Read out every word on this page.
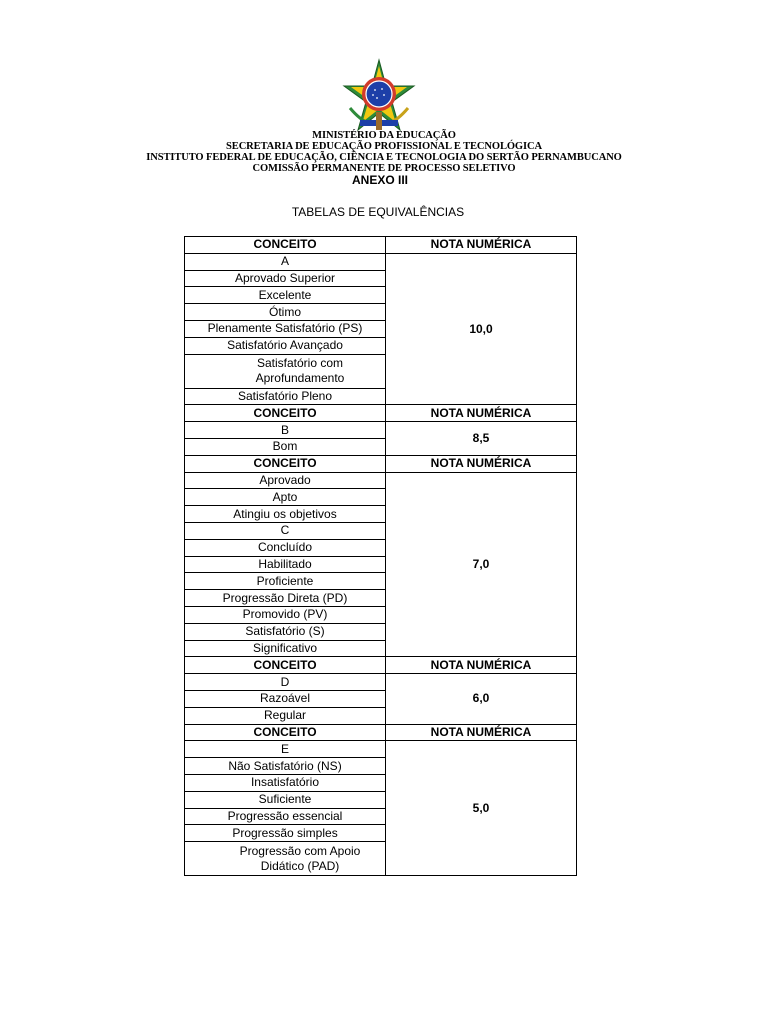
MINISTÉRIO DA EDUCAÇÃO
SECRETARIA DE EDUCAÇÃO PROFISSIONAL E TECNOLÓGICA
INSTITUTO FEDERAL DE EDUCAÇÃO, CIÊNCIA E TECNOLOGIA DO SERTÃO PERNAMBUCANO
COMISSÃO PERMANENTE DE PROCESSO SELETIVO
ANEXO III
TABELAS DE EQUIVALÊNCIAS
CONCEITO	NOTA NUMÉRICA
A	10,0
Aprovado Superior	
Excelente	
Ótimo	
Plenamente Satisfatório (PS)	
Satisfatório Avançado	
Satisfatório com Aprofundamento	
Satisfatório Pleno	
CONCEITO	NOTA NUMÉRICA
B	8,5
Bom	
CONCEITO	NOTA NUMÉRICA
Aprovado	7,0
Apto	
Atingiu os objetivos	
C	
Concluído	
Habilitado	
Proficiente	
Progressão Direta (PD)	
Promovido (PV)	
Satisfatório (S)	
Significativo	
CONCEITO	NOTA NUMÉRICA
D	6,0
Razoável	
Regular	
CONCEITO	NOTA NUMÉRICA
E	5,0
Não Satisfatório (NS)	
Insatisfatório	
Suficiente	
Progressão essencial	
Progressão simples	
Progressão com Apoio Didático (PAD)	
